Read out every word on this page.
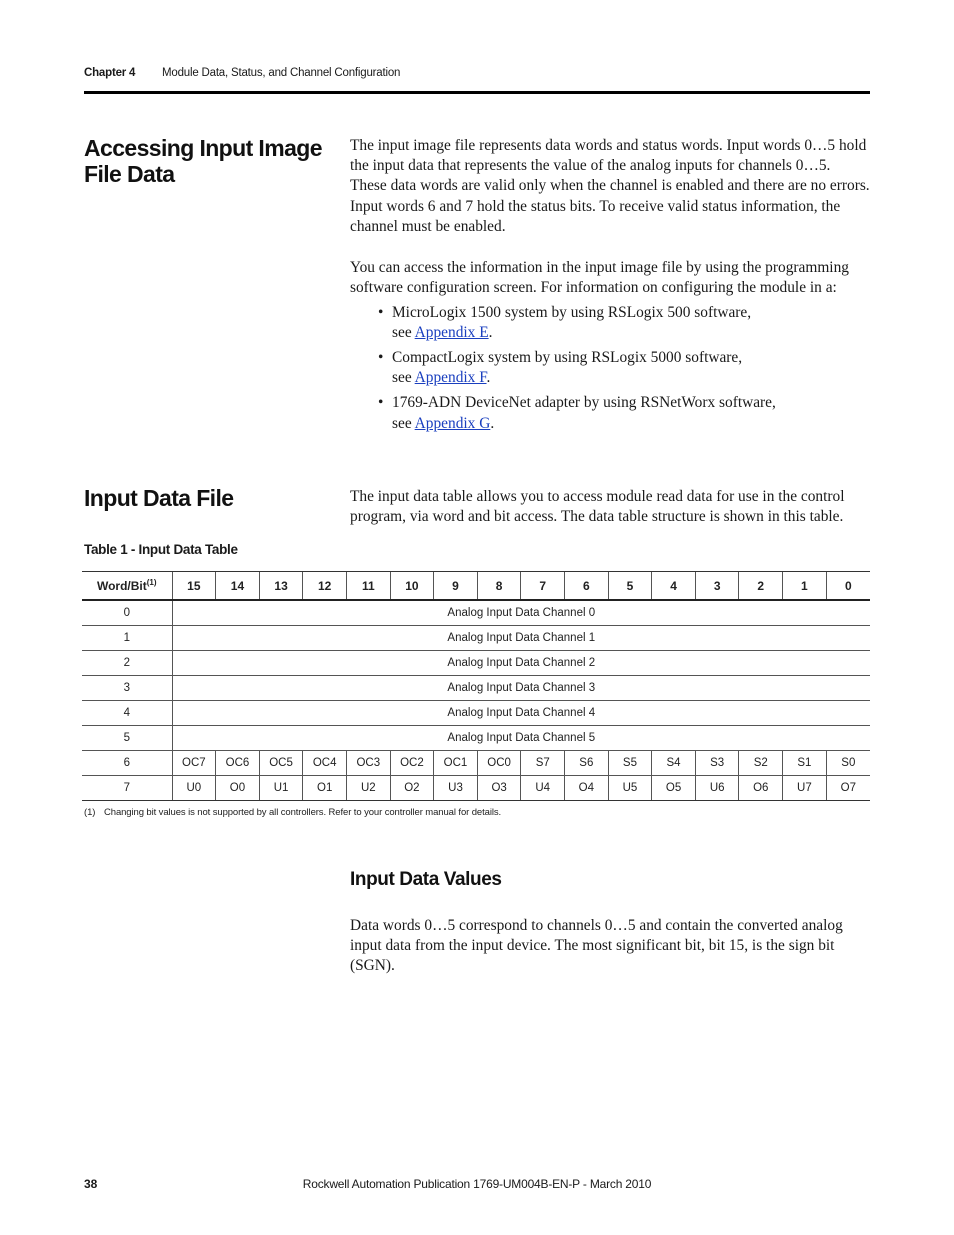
Chapter 4 Module Data, Status, and Channel Configuration
Accessing Input Image
File Data

The input image file represents data words and status words. Input words 0…5 hold the input data that represents the value of the analog inputs for channels 0…5. These data words are valid only when the channel is enabled and there are no errors. Input words 6 and 7 hold the status bits. To receive valid status information, the channel must be enabled.

You can access the information in the input image file by using the programming software configuration screen. For information on configuring the module in a:

• MicroLogix 1500 system by using RSLogix 500 software,
see Appendix E.
• CompactLogix system by using RSLogix 5000 software,
see Appendix F.
• 1769-ADN DeviceNet adapter by using RSNetWorx software,
see Appendix G.
Input Data File	The input data table allows you to access module read data for use in the control program, via word and bit access. The data table structure is shown in this table.

Table 1 - Input Data Table
Word/Bit$^{(1)}$	15	14	13	12	11	10	9	8	7	6	5	4	3	2	1	0
0	Analog Input Data Channel 0															
1	Analog Input Data Channel 1															
2	Analog Input Data Channel 2															
3	Analog Input Data Channel 3															
4	Analog Input Data Channel 4															
5	Analog Input Data Channel 5															
6	OC7	OC6	OC5	OC4	OC3	OC2	OC1	OC0	S7	S6	S5	S4	S3	S2	S1	S0
7	U0	O0	U1	O1	U2	O2	U3	O3	U4	O4	U5	O5	U6	O6	U7	O7
(1) Changing bit values is not supported by all controllers. Refer to your controller manual for details.
Input Data Values

Data words 0…5 correspond to channels 0…5 and contain the converted analog input data from the input device. The most significant bit, bit 15, is the sign bit (SGN).

38	Rockwell Automation Publication 1769-UM004B-EN-P - March 2010
